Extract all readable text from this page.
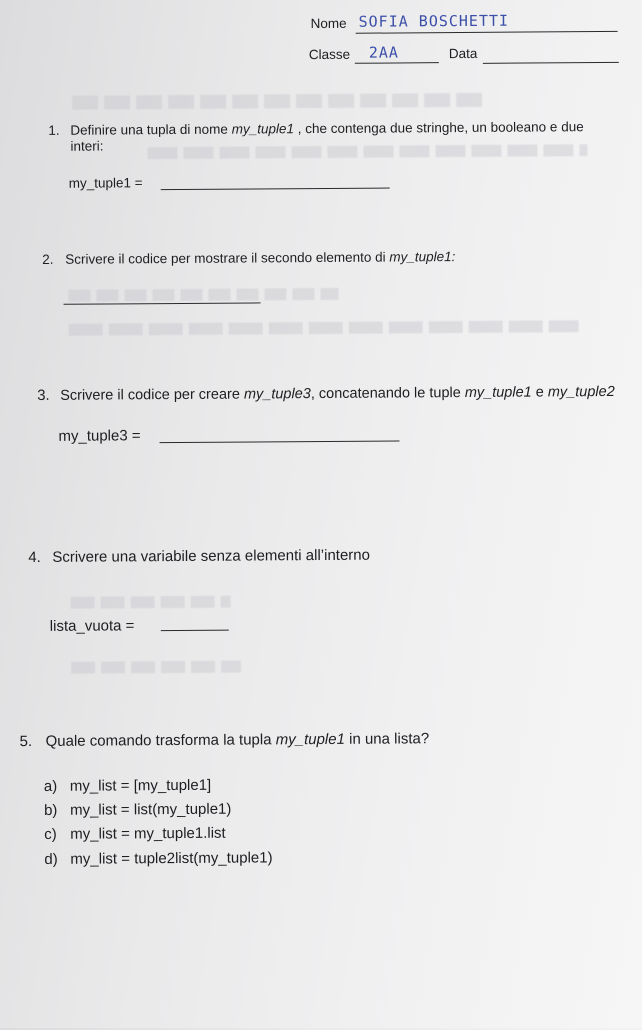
Nome SOFIA BOSCHETTI
Classe 2AA	Data
1. Definire una tupla di nome my_tuple1 , che contenga due stringhe, un booleano e due
interi:
my_tuple1 =
2. Scrivere il codice per mostrare il secondo elemento di my_tuple1:
3. Scrivere il codice per creare my_tuple3, concatenando le tuple my_tuple1 e my_tuple2
my_tuple3 =
4. Scrivere una variabile senza elementi all’interno
lista_vuota =
5. Quale comando trasforma la tupla my_tuple1 in una lista?
a) my_list = [my_tuple1]
b) my_list = list(my_tuple1)
c) my_list = my_tuple1.list
d) my_list = tuple2list(my_tuple1)
